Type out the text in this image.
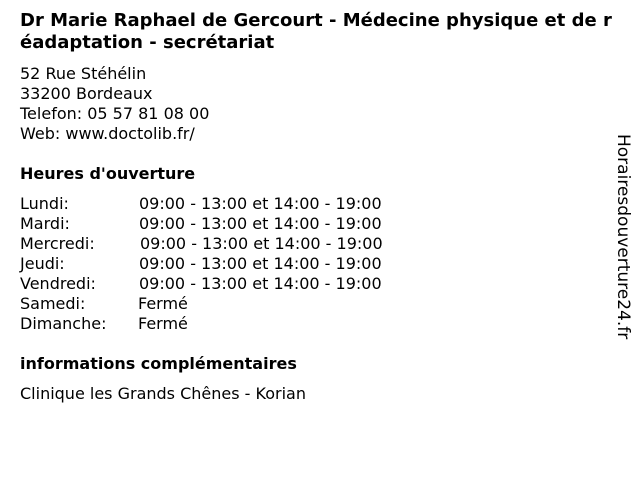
Dr Marie Raphael de Gercourt - Médecine physique et de réadaptation - secrétariat
52 Rue Stéhélin
33200 Bordeaux
Telefon: 05 57 81 08 00
Web: www.doctolib.fr/
Heures d'ouverture
Lundi:	09:00 - 13:00 et 14:00 - 19:00
Mardi:	09:00 - 13:00 et 14:00 - 19:00
Mercredi:	09:00 - 13:00 et 14:00 - 19:00
Jeudi:	09:00 - 13:00 et 14:00 - 19:00
Vendredi:	09:00 - 13:00 et 14:00 - 19:00
Samedi:	Fermé
Dimanche: Fermé
informations complémentaires
Clinique les Grands Chênes - Korian
Horairesdouverture24.fr
